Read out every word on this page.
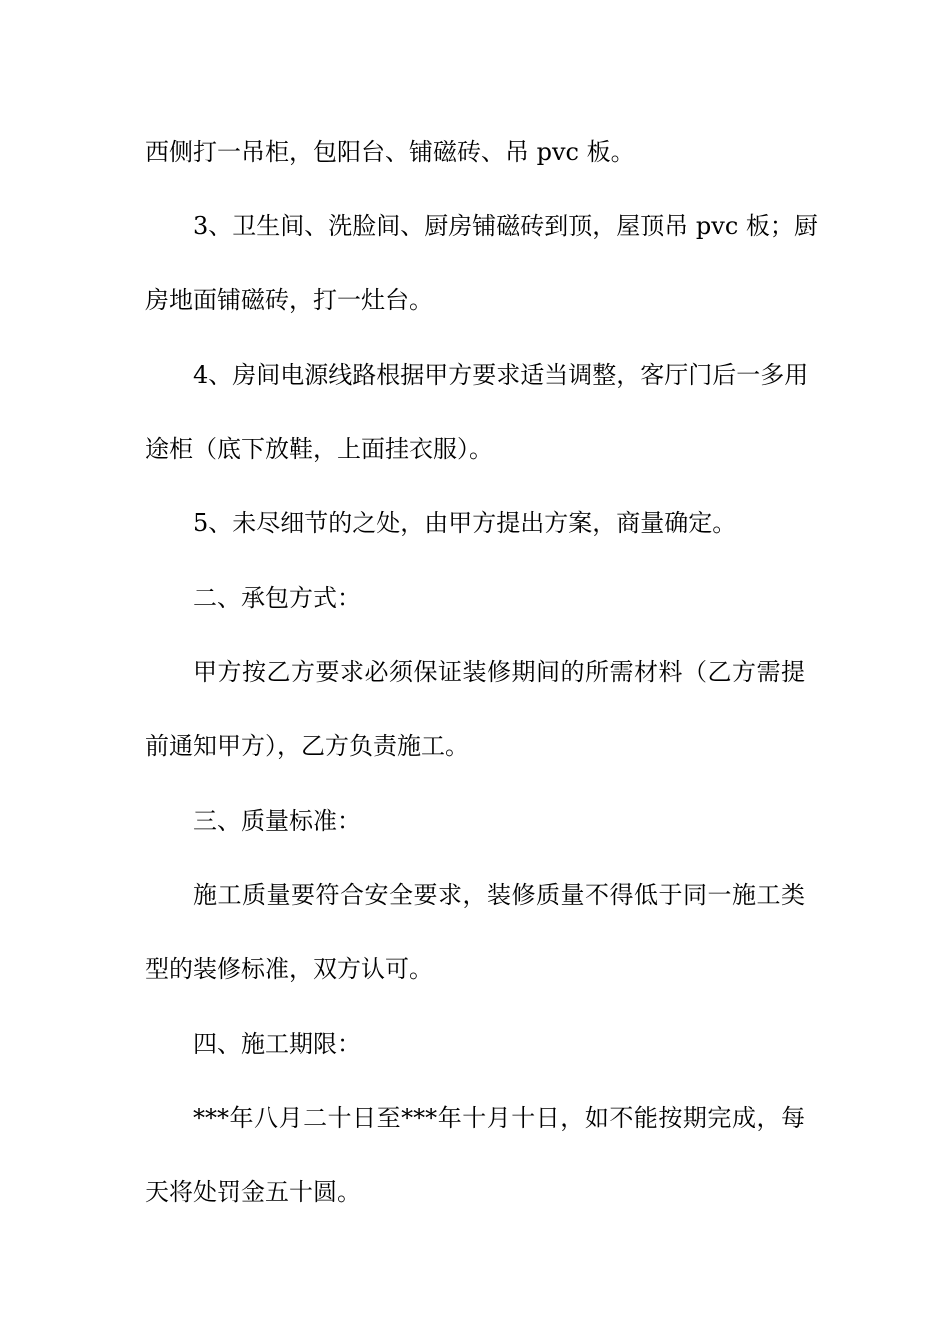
西侧打一吊柜，包阳台、铺磁砖、吊 pvc 板。
3、卫生间、洗脸间、厨房铺磁砖到顶，屋顶吊 pvc 板；厨
房地面铺磁砖，打一灶台。
4、房间电源线路根据甲方要求适当调整，客厅门后一多用
途柜（底下放鞋，上面挂衣服）。
5、未尽细节的之处，由甲方提出方案，商量确定。
二、承包方式：
甲方按乙方要求必须保证装修期间的所需材料（乙方需提
前通知甲方），乙方负责施工。
三、质量标准：
施工质量要符合安全要求，装修质量不得低于同一施工类
型的装修标准，双方认可。
四、施工期限：
***年八月二十日至***年十月十日，如不能按期完成，每
天将处罚金五十圆。
